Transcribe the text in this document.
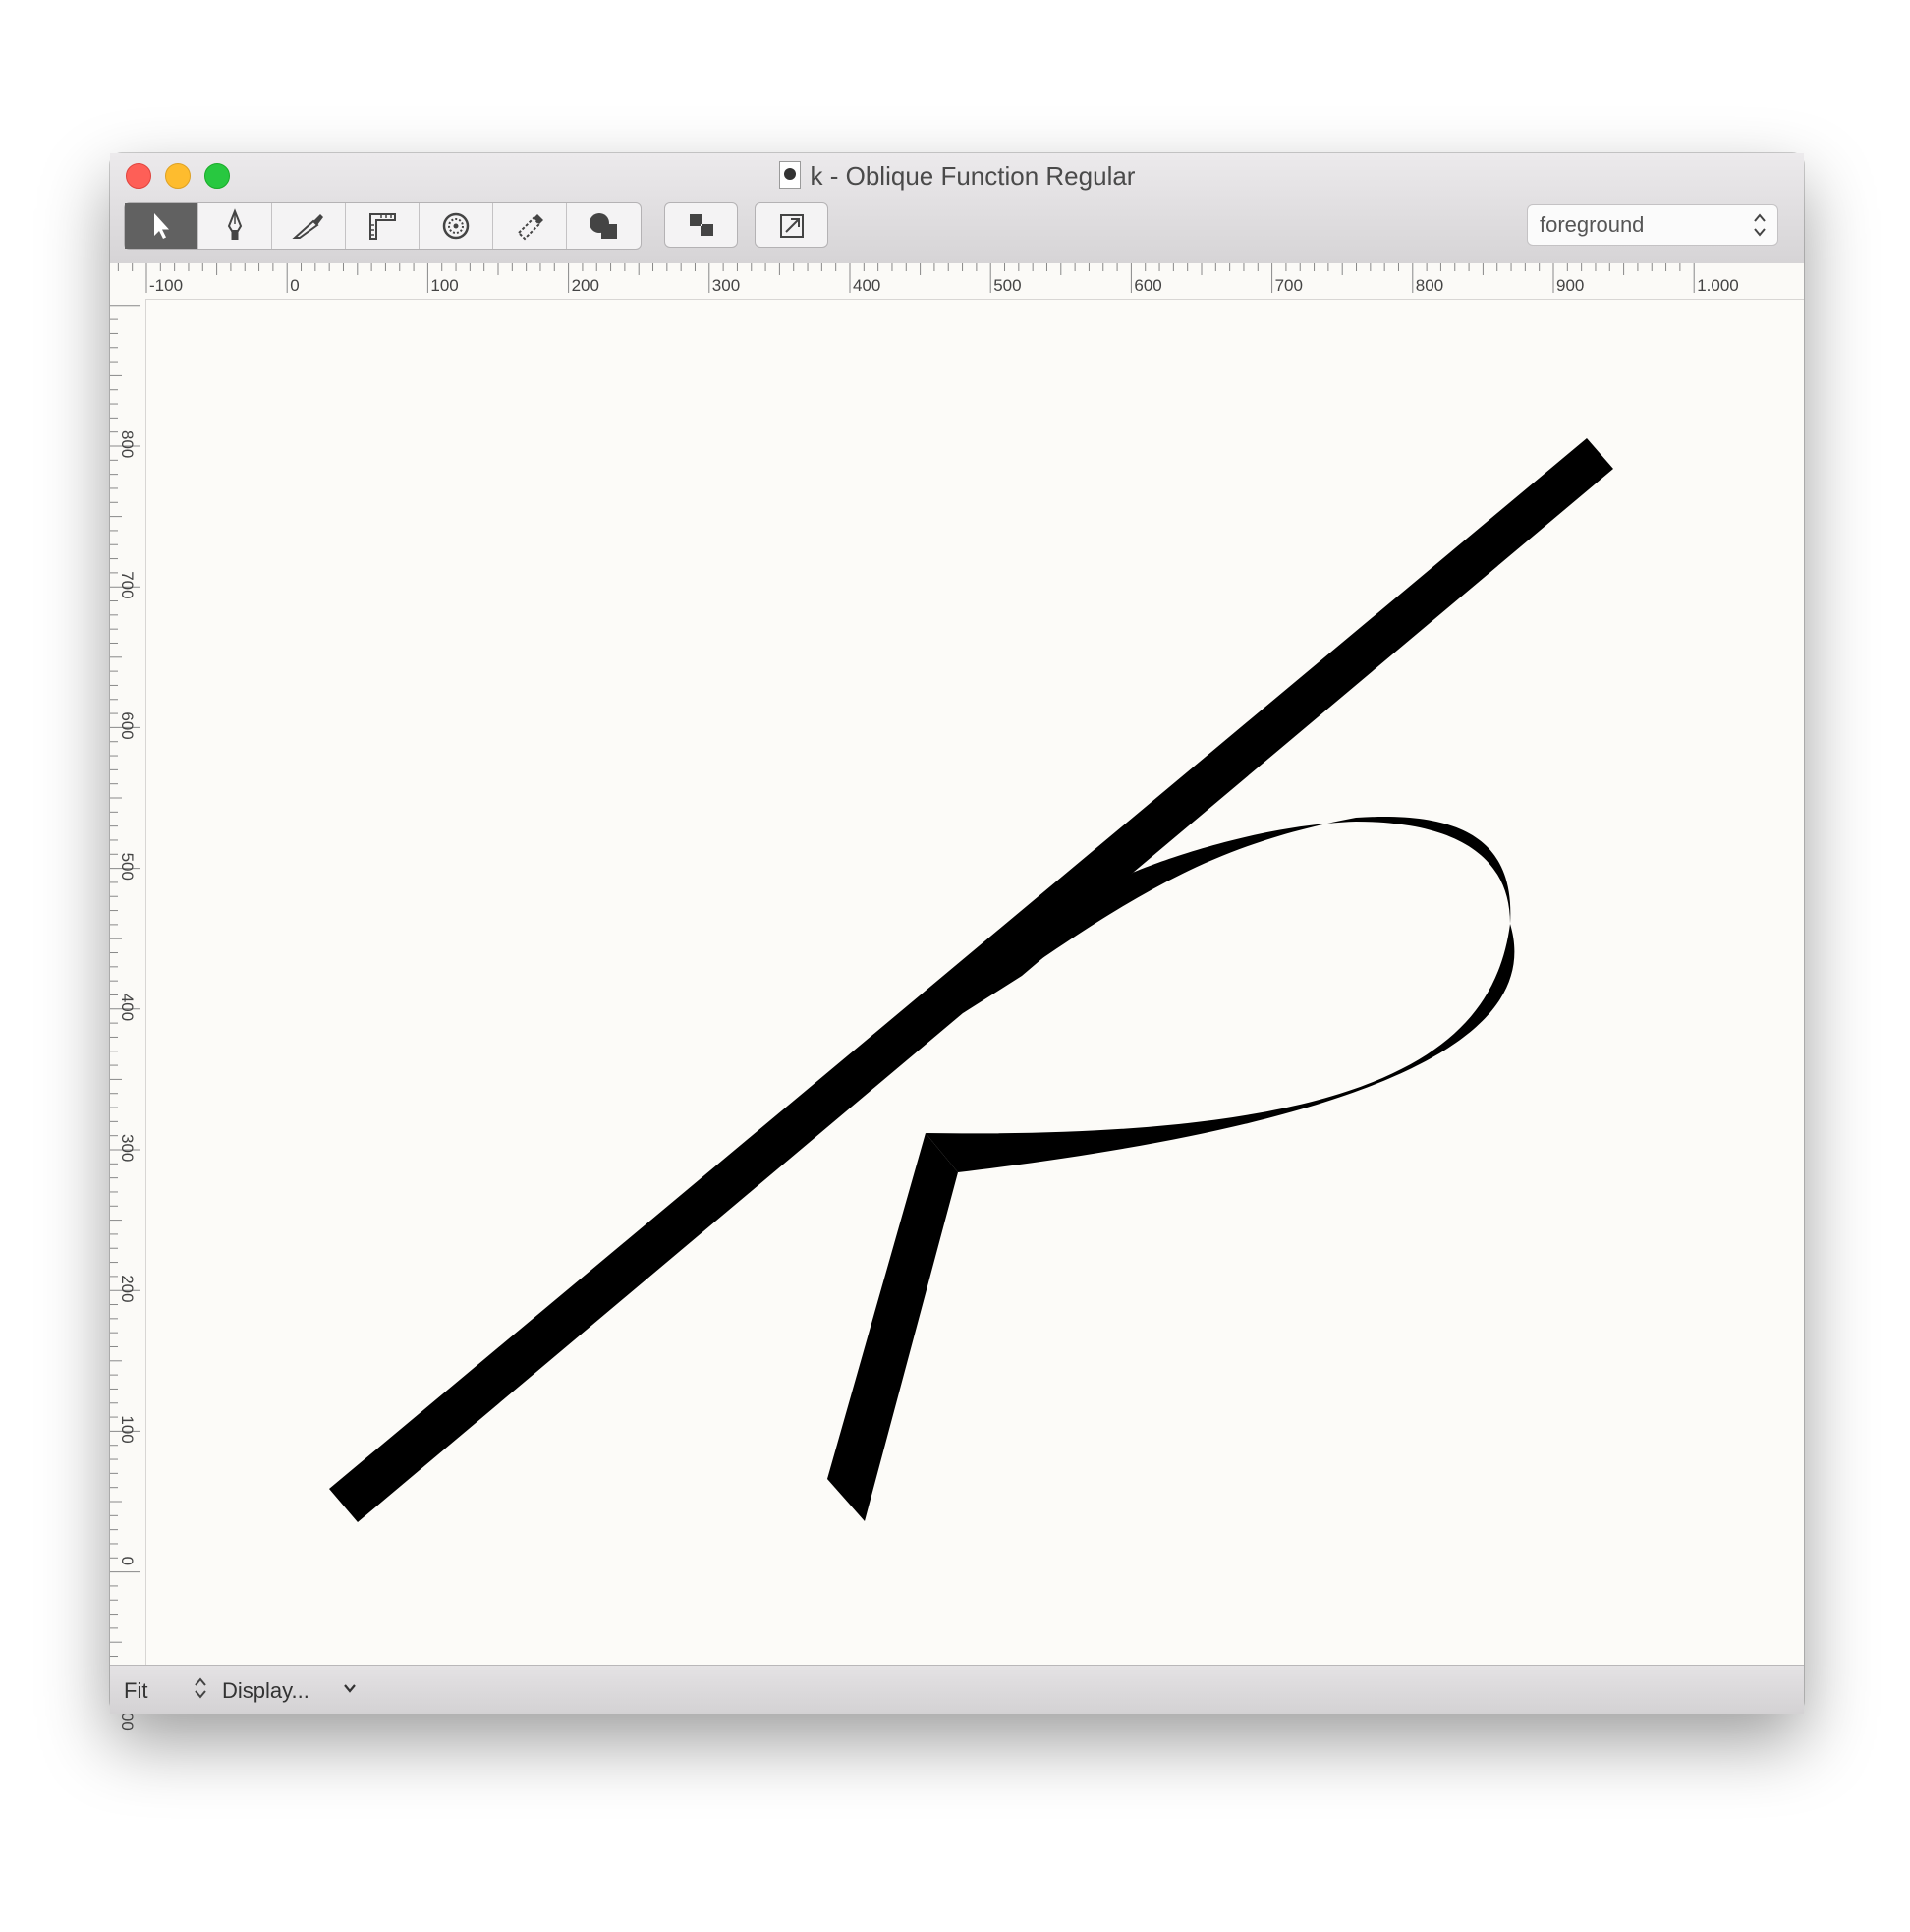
k - Oblique Function Regular
foreground
-100	0	100	200	300	400	500	600	700	800	900	1.000
800
700
600
500
400
300
200
100
0
Fit	Display...
